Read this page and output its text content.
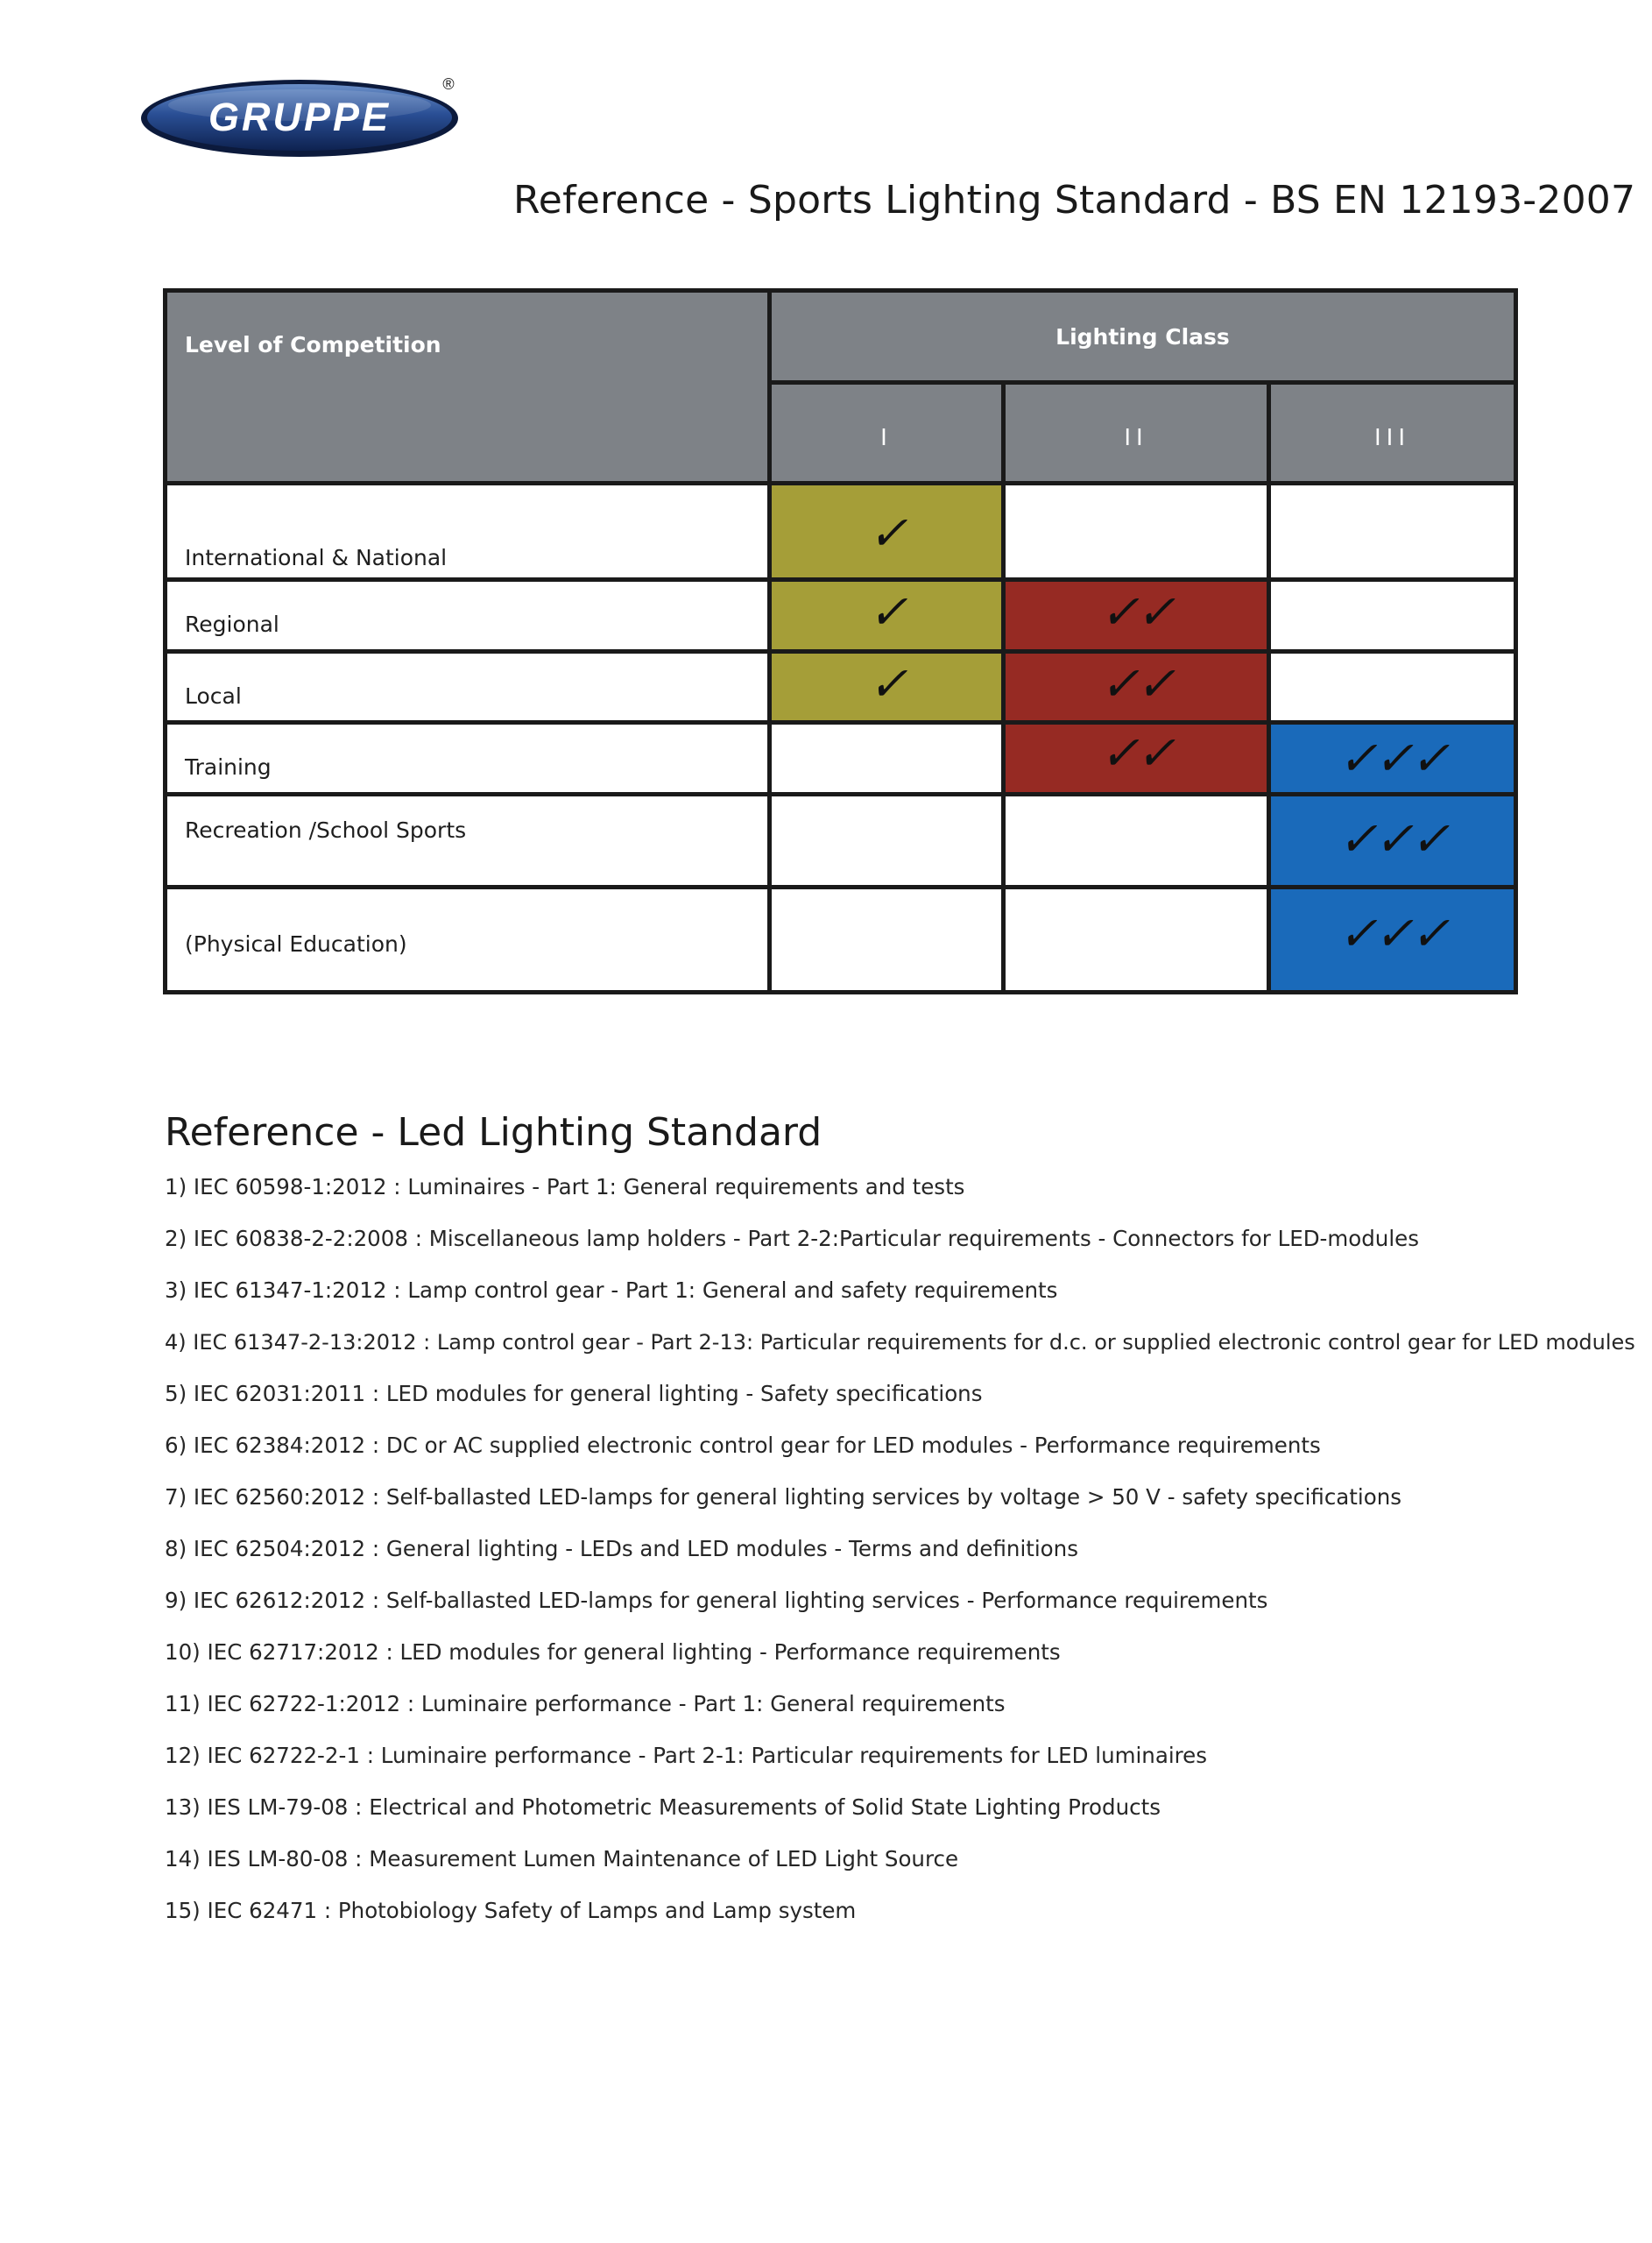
GRUPPE
®
Reference - Sports Lighting Standard - BS EN 12193-2007
Level of Competition	Lighting Class		
	I	II	III
International & National	✓		
Regional	✓	✓✓	
Local	✓	✓✓	
Training		✓✓	✓✓✓
Recreation /School Sports			✓✓✓
(Physical Education)			✓✓✓
Reference - Led Lighting Standard
1) IEC 60598-1:2012 : Luminaires - Part 1: General requirements and tests
2) IEC 60838-2-2:2008 : Miscellaneous lamp holders - Part 2-2:Particular requirements - Connectors for LED-modules
3) IEC 61347-1:2012 : Lamp control gear - Part 1: General and safety requirements
4) IEC 61347-2-13:2012 : Lamp control gear - Part 2-13: Particular requirements for d.c. or supplied electronic control gear for LED modules
5) IEC 62031:2011 : LED modules for general lighting - Safety specifications
6) IEC 62384:2012 : DC or AC supplied electronic control gear for LED modules - Performance requirements
7) IEC 62560:2012 : Self-ballasted LED-lamps for general lighting services by voltage > 50 V - safety specifications
8) IEC 62504:2012 : General lighting - LEDs and LED modules - Terms and definitions
9) IEC 62612:2012 : Self-ballasted LED-lamps for general lighting services - Performance requirements
10) IEC 62717:2012 : LED modules for general lighting - Performance requirements
11) IEC 62722-1:2012 : Luminaire performance - Part 1: General requirements
12) IEC 62722-2-1 : Luminaire performance - Part 2-1: Particular requirements for LED luminaires
13) IES LM-79-08 : Electrical and Photometric Measurements of Solid State Lighting Products
14) IES LM-80-08 : Measurement Lumen Maintenance of LED Light Source
15) IEC 62471 : Photobiology Safety of Lamps and Lamp system
